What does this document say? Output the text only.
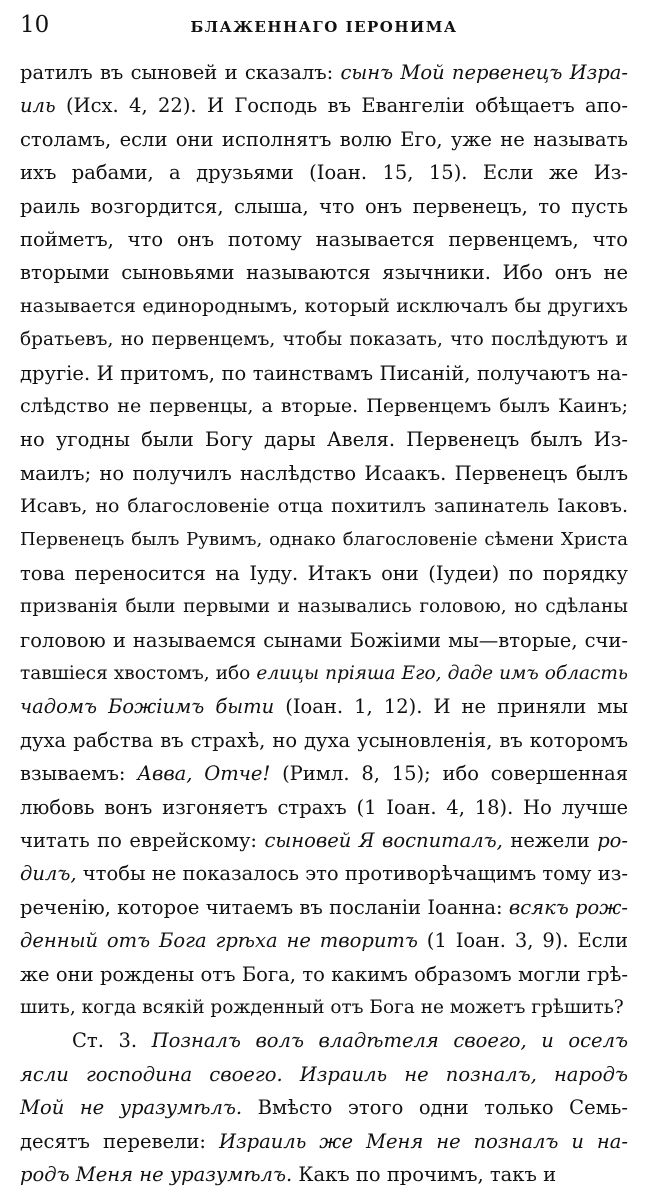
10	БЛАЖЕННАГО IЕРОНИМА
ратилъ въ сыновей и сказалъ: сынъ Мой первенецъ Изра-
иль (Исх. 4, 22). И Господь въ Евангелiи обѣщаетъ апо-
столамъ, если они исполнятъ волю Его, уже не называть
ихъ рабами, а друзьями (Iоан. 15, 15). Если же Из-
раиль возгордится, слыша, что онъ первенецъ, то пусть
пойметъ, что онъ потому называется первенцемъ, что
вторыми сыновьями называются язычники. Ибо онъ не
называется единороднымъ, который исключалъ бы другихъ
братьевъ, но первенцемъ, чтобы показать, что послѣдуютъ и
другiе. И притомъ, по таинствамъ Писанiй, получаютъ на-
слѣдство не первенцы, а вторые. Первенцемъ былъ Каинъ;
но угодны были Богу дары Авеля. Первенецъ былъ Из-
маилъ; но получилъ наслѣдство Исаакъ. Первенецъ былъ
Исавъ, но благословенiе отца похитилъ запинатель Iаковъ.
Первенецъ былъ Рувимъ, однако благословенiе сѣмени Христа
това переносится на Iуду. Итакъ они (Iудеи) по порядку
призванiя были первыми и назывались головою, но сдѣланы
головою и называемся сынами Божiими мы—вторые, счи-
тавшiеся хвостомъ, ибо елицы прiяша Его, даде имъ область
чадомъ Божiимъ быти (Iоан. 1, 12). И не приняли мы
духа рабства въ страхѣ, но духа усыновленiя, въ которомъ
взываемъ: Авва, Отче! (Римл. 8, 15); ибо совершенная
любовь вонъ изгоняетъ страхъ (1 Iоан. 4, 18). Но лучше
читать по еврейскому: сыновей Я воспиталъ, нежели ро-
дилъ, чтобы не показалось это противорѣчащимъ тому из-
реченiю, которое читаемъ въ посланiи Iоанна: всякъ рож-
денный отъ Бога грѣха не творитъ (1 Iоан. 3, 9). Если
же они рождены отъ Бога, то какимъ образомъ могли грѣ-
шить, когда всякiй рожденный отъ Бога не можетъ грѣшить?
Ст. 3. Позналъ волъ владѣтеля своего, и оселъ
ясли господина своего. Израиль не позналъ, народъ
Мой не уразумѣлъ. Вмѣсто этого одни только Семь-
десятъ перевели: Израиль же Меня не позналъ и на-
родъ Меня не уразумѣлъ. Какъ по прочимъ, такъ и
